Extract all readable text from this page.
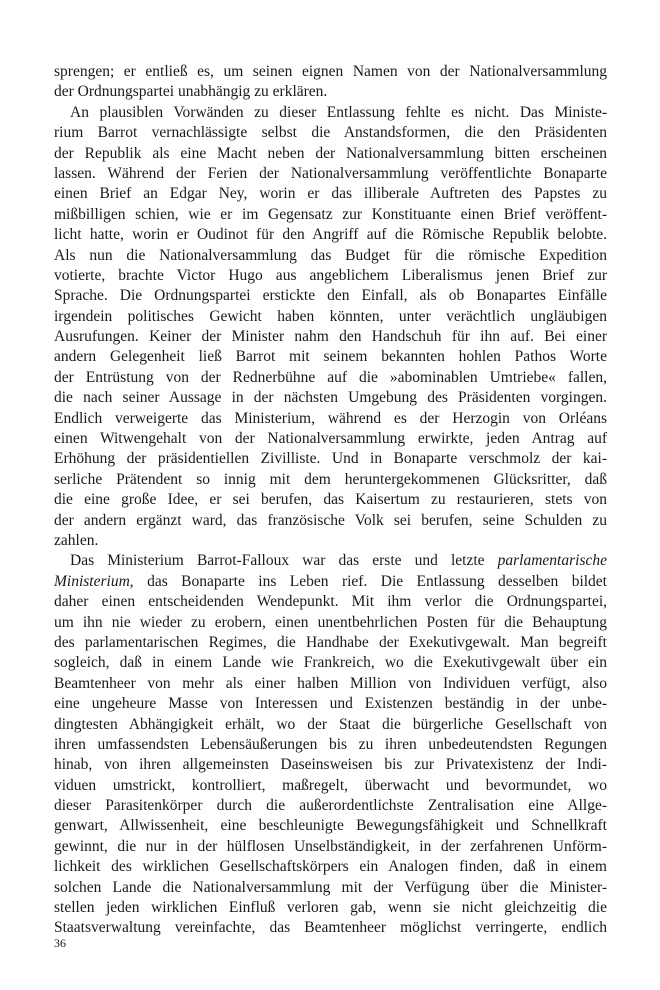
sprengen; er entließ es, um seinen eignen Namen von der Nationalversammlung
der Ordnungspartei unabhängig zu erklären.
An plausiblen Vorwänden zu dieser Entlassung fehlte es nicht. Das Ministe-
rium Barrot vernachlässigte selbst die Anstandsformen, die den Präsidenten
der Republik als eine Macht neben der Nationalversammlung bitten erscheinen
lassen. Während der Ferien der Nationalversammlung veröffentlichte Bonaparte
einen Brief an Edgar Ney, worin er das illiberale Auftreten des Papstes zu
mißbilligen schien, wie er im Gegensatz zur Konstituante einen Brief veröffent-
licht hatte, worin er Oudinot für den Angriff auf die Römische Republik belobte.
Als nun die Nationalversammlung das Budget für die römische Expedition
votierte, brachte Victor Hugo aus angeblichem Liberalismus jenen Brief zur
Sprache. Die Ordnungspartei erstickte den Einfall, als ob Bonapartes Einfälle
irgendein politisches Gewicht haben könnten, unter verächtlich ungläubigen
Ausrufungen. Keiner der Minister nahm den Handschuh für ihn auf. Bei einer
andern Gelegenheit ließ Barrot mit seinem bekannten hohlen Pathos Worte
der Entrüstung von der Rednerbühne auf die »abominablen Umtriebe« fallen,
die nach seiner Aussage in der nächsten Umgebung des Präsidenten vorgingen.
Endlich verweigerte das Ministerium, während es der Herzogin von Orléans
einen Witwengehalt von der Nationalversammlung erwirkte, jeden Antrag auf
Erhöhung der präsidentiellen Zivilliste. Und in Bonaparte verschmolz der kai-
serliche Prätendent so innig mit dem heruntergekommenen Glücksritter, daß
die eine große Idee, er sei berufen, das Kaisertum zu restaurieren, stets von
der andern ergänzt ward, das französische Volk sei berufen, seine Schulden zu
zahlen.
Das Ministerium Barrot-Falloux war das erste und letzte parlamentarische
Ministerium, das Bonaparte ins Leben rief. Die Entlassung desselben bildet
daher einen entscheidenden Wendepunkt. Mit ihm verlor die Ordnungspartei,
um ihn nie wieder zu erobern, einen unentbehrlichen Posten für die Behauptung
des parlamentarischen Regimes, die Handhabe der Exekutivgewalt. Man begreift
sogleich, daß in einem Lande wie Frankreich, wo die Exekutivgewalt über ein
Beamtenheer von mehr als einer halben Million von Individuen verfügt, also
eine ungeheure Masse von Interessen und Existenzen beständig in der unbe-
dingtesten Abhängigkeit erhält, wo der Staat die bürgerliche Gesellschaft von
ihren umfassendsten Lebensäußerungen bis zu ihren unbedeutendsten Regungen
hinab, von ihren allgemeinsten Daseinsweisen bis zur Privatexistenz der Indi-
viduen umstrickt, kontrolliert, maßregelt, überwacht und bevormundet, wo
dieser Parasitenkörper durch die außerordentlichste Zentralisation eine Allge-
genwart, Allwissenheit, eine beschleunigte Bewegungsfähigkeit und Schnellkraft
gewinnt, die nur in der hülflosen Unselbständigkeit, in der zerfahrenen Unförm-
lichkeit des wirklichen Gesellschaftskörpers ein Analogen finden, daß in einem
solchen Lande die Nationalversammlung mit der Verfügung über die Minister-
stellen jeden wirklichen Einfluß verloren gab, wenn sie nicht gleichzeitig die
Staatsverwaltung vereinfachte, das Beamtenheer möglichst verringerte, endlich
36
